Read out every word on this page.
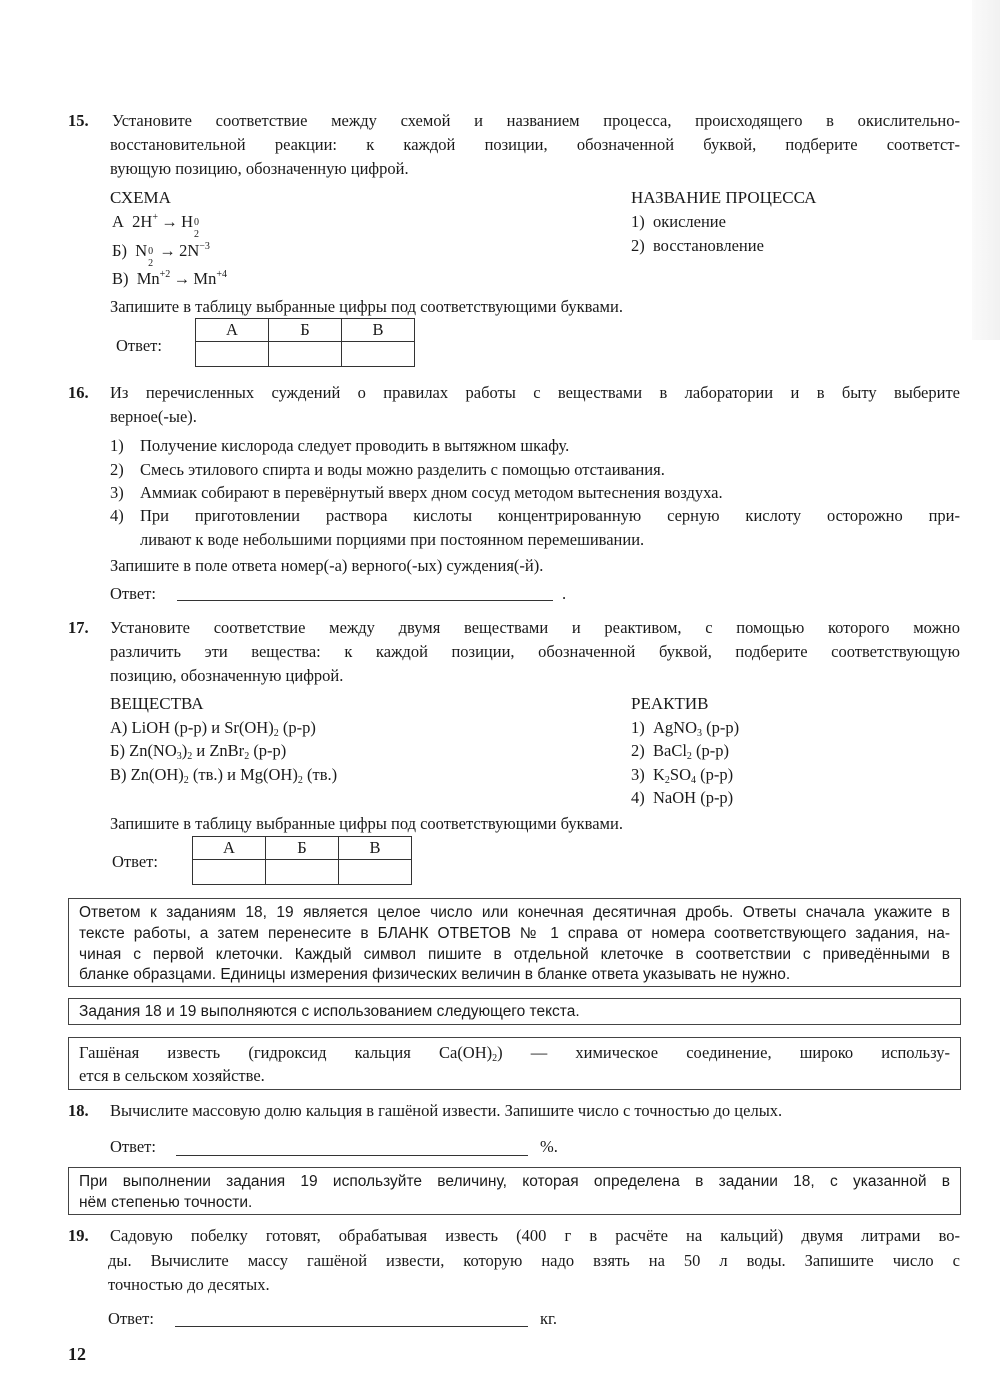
15. Установите соответствие между схемой и названием процесса, происходящего в окислительно-
восстановительной реакции: к каждой позиции, обозначенной буквой, подберите соответст-
вующую позицию, обозначенную цифрой.
СХЕМА	НАЗВАНИЕ ПРОЦЕССА
А  2H+ → H 0
2
Б)  N 0
2
→ $2N^{-3}$
В)  $Mn^{+2} \to Mn^{+4}$
1) окисление
2) восстановление
Запишите в таблицу выбранные цифры под соответствующими буквами.
Ответ:
А	Б	В

16. Из перечисленных суждений о правилах работы с веществами в лаборатории и в быту выберите
верное(-ые).
1) Получение кислорода следует проводить в вытяжном шкафу.
2) Смесь этилового спирта и воды можно разделить с помощью отстаивания.
3) Аммиак собирают в перевёрнутый вверх дном сосуд методом вытеснения воздуха.
4) При приготовлении раствора кислоты концентрированную серную кислоту осторожно при-
ливают к воде небольшими порциями при постоянном перемешивании.
Запишите в поле ответа номер(-а) верного(-ых) суждения(-й).
Ответ:	.
17. Установите соответствие между двумя веществами и реактивом, с помощью которого можно
различить эти вещества: к каждой позиции, обозначенной буквой, подберите соответствующую
позицию, обозначенную цифрой.
ВЕЩЕСТВА	РЕАКТИВ
А) LiOH (р-р) и $Sr(OH)_2$ (р-р)
Б) $Zn(NO_3)_2$ и ZnBr$_2$ (р-р)
В) $Zn(OH)_2$ (тв.) и $Mg(OH)_2$ (тв.)
1)  AgNO$_3$ (р-р)
2)  BaCl$_2$ (р-р)
3)  $K_2SO_4$ (р-р)
4)  NaOH (р-р)
Запишите в таблицу выбранные цифры под соответствующими буквами.
Ответ:
А	Б	В

Ответом к заданиям 18, 19 является целое число или конечная десятичная дробь. Ответы сначала укажите в
тексте работы, а затем перенесите в БЛАНК ОТВЕТОВ № 1 справа от номера соответствующего задания, на-
чиная с первой клеточки. Каждый символ пишите в отдельной клеточке в соответствии с приведёнными в
бланке образцами. Единицы измерения физических величин в бланке ответа указывать не нужно.
Задания 18 и 19 выполняются с использованием следующего текста.
Гашёная известь (гидроксид кальция $Ca(OH)_2$) — химическое соединение, широко использу-
ется в сельском хозяйстве.
18. Вычислите массовую долю кальция в гашёной извести. Запишите число с точностью до целых.
Ответ:	%.
При выполнении задания 19 используйте величину, которая определена в задании 18, с указанной в
нём степенью точности.
19. Садовую побелку готовят, обрабатывая известь (400 г в расчёте на кальций) двумя литрами во-
ды. Вычислите массу гашёной извести, которую надо взять на 50 л воды. Запишите число с
точностью до десятых.
Ответ:	кг.
12
